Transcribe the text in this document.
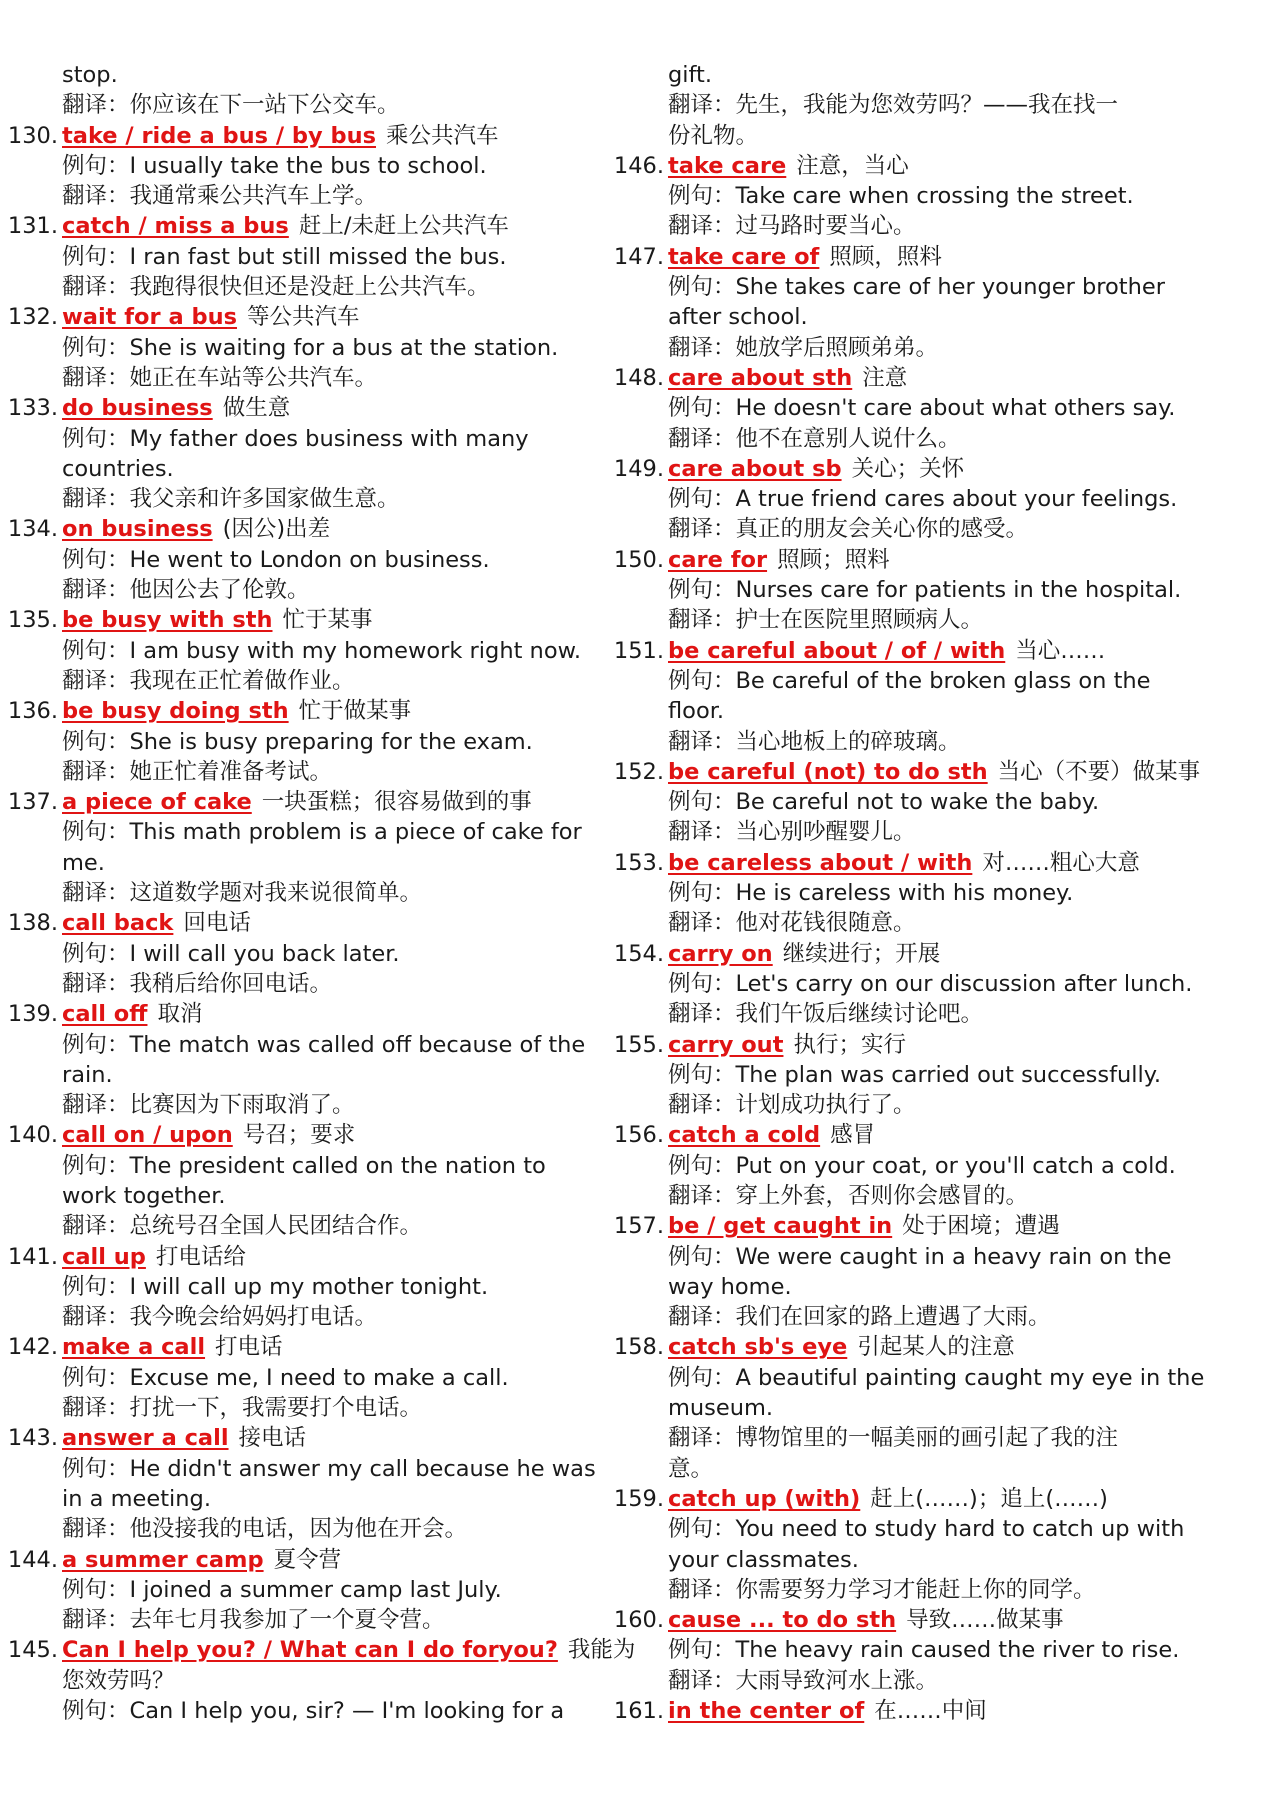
stop.
翻译：你应该在下一站下公交车。
130. take / ride a bus / by bus 乘公共汽车
例句：I usually take the bus to school.
翻译：我通常乘公共汽车上学。
131. catch / miss a bus 赶上/未赶上公共汽车
例句：I ran fast but still missed the bus.
翻译：我跑得很快但还是没赶上公共汽车。
132. wait for a bus 等公共汽车
例句：She is waiting for a bus at the station.
翻译：她正在车站等公共汽车。
133. do business 做生意
例句：My father does business with many
countries.
翻译：我父亲和许多国家做生意。
134. on business (因公)出差
例句：He went to London on business.
翻译：他因公去了伦敦。
135. be busy with sth 忙于某事
例句：I am busy with my homework right now.
翻译：我现在正忙着做作业。
136. be busy doing sth 忙于做某事
例句：She is busy preparing for the exam.
翻译：她正忙着准备考试。
137. a piece of cake 一块蛋糕；很容易做到的事
例句：This math problem is a piece of cake for
me.
翻译：这道数学题对我来说很简单。
138. call back 回电话
例句：I will call you back later.
翻译：我稍后给你回电话。
139. call off 取消
例句：The match was called off because of the
rain.
翻译：比赛因为下雨取消了。
140. call on / upon 号召；要求
例句：The president called on the nation to
work together.
翻译：总统号召全国人民团结合作。
141. call up 打电话给
例句：I will call up my mother tonight.
翻译：我今晚会给妈妈打电话。
142. make a call 打电话
例句：Excuse me, I need to make a call.
翻译：打扰一下，我需要打个电话。
143. answer a call 接电话
例句：He didn't answer my call because he was
in a meeting.
翻译：他没接我的电话，因为他在开会。
144. a summer camp 夏令营
例句：I joined a summer camp last July.
翻译：去年七月我参加了一个夏令营。
145. Can I help you? / What can I do foryou? 我能为
您效劳吗？
例句：Can I help you, sir? — I'm looking for a
gift.
翻译：先生，我能为您效劳吗？——我在找一
份礼物。
146. take care 注意，当心
例句：Take care when crossing the street.
翻译：过马路时要当心。
147. take care of 照顾，照料
例句：She takes care of her younger brother
after school.
翻译：她放学后照顾弟弟。
148. care about sth 注意
例句：He doesn't care about what others say.
翻译：他不在意别人说什么。
149. care about sb 关心；关怀
例句：A true friend cares about your feelings.
翻译：真正的朋友会关心你的感受。
150. care for 照顾；照料
例句：Nurses care for patients in the hospital.
翻译：护士在医院里照顾病人。
151. be careful about / of / with 当心……
例句：Be careful of the broken glass on the
floor.
翻译：当心地板上的碎玻璃。
152. be careful (not) to do sth 当心（不要）做某事
例句：Be careful not to wake the baby.
翻译：当心别吵醒婴儿。
153. be careless about / with 对……粗心大意
例句：He is careless with his money.
翻译：他对花钱很随意。
154. carry on 继续进行；开展
例句：Let's carry on our discussion after lunch.
翻译：我们午饭后继续讨论吧。
155. carry out 执行；实行
例句：The plan was carried out successfully.
翻译：计划成功执行了。
156. catch a cold 感冒
例句：Put on your coat, or you'll catch a cold.
翻译：穿上外套，否则你会感冒的。
157. be / get caught in 处于困境；遭遇
例句：We were caught in a heavy rain on the
way home.
翻译：我们在回家的路上遭遇了大雨。
158. catch sb's eye 引起某人的注意
例句：A beautiful painting caught my eye in the
museum.
翻译：博物馆里的一幅美丽的画引起了我的注
意。
159. catch up (with) 赶上(……)；追上(……)
例句：You need to study hard to catch up with
your classmates.
翻译：你需要努力学习才能赶上你的同学。
160. cause ... to do sth 导致……做某事
例句：The heavy rain caused the river to rise.
翻译：大雨导致河水上涨。
161. in the center of 在……中间
